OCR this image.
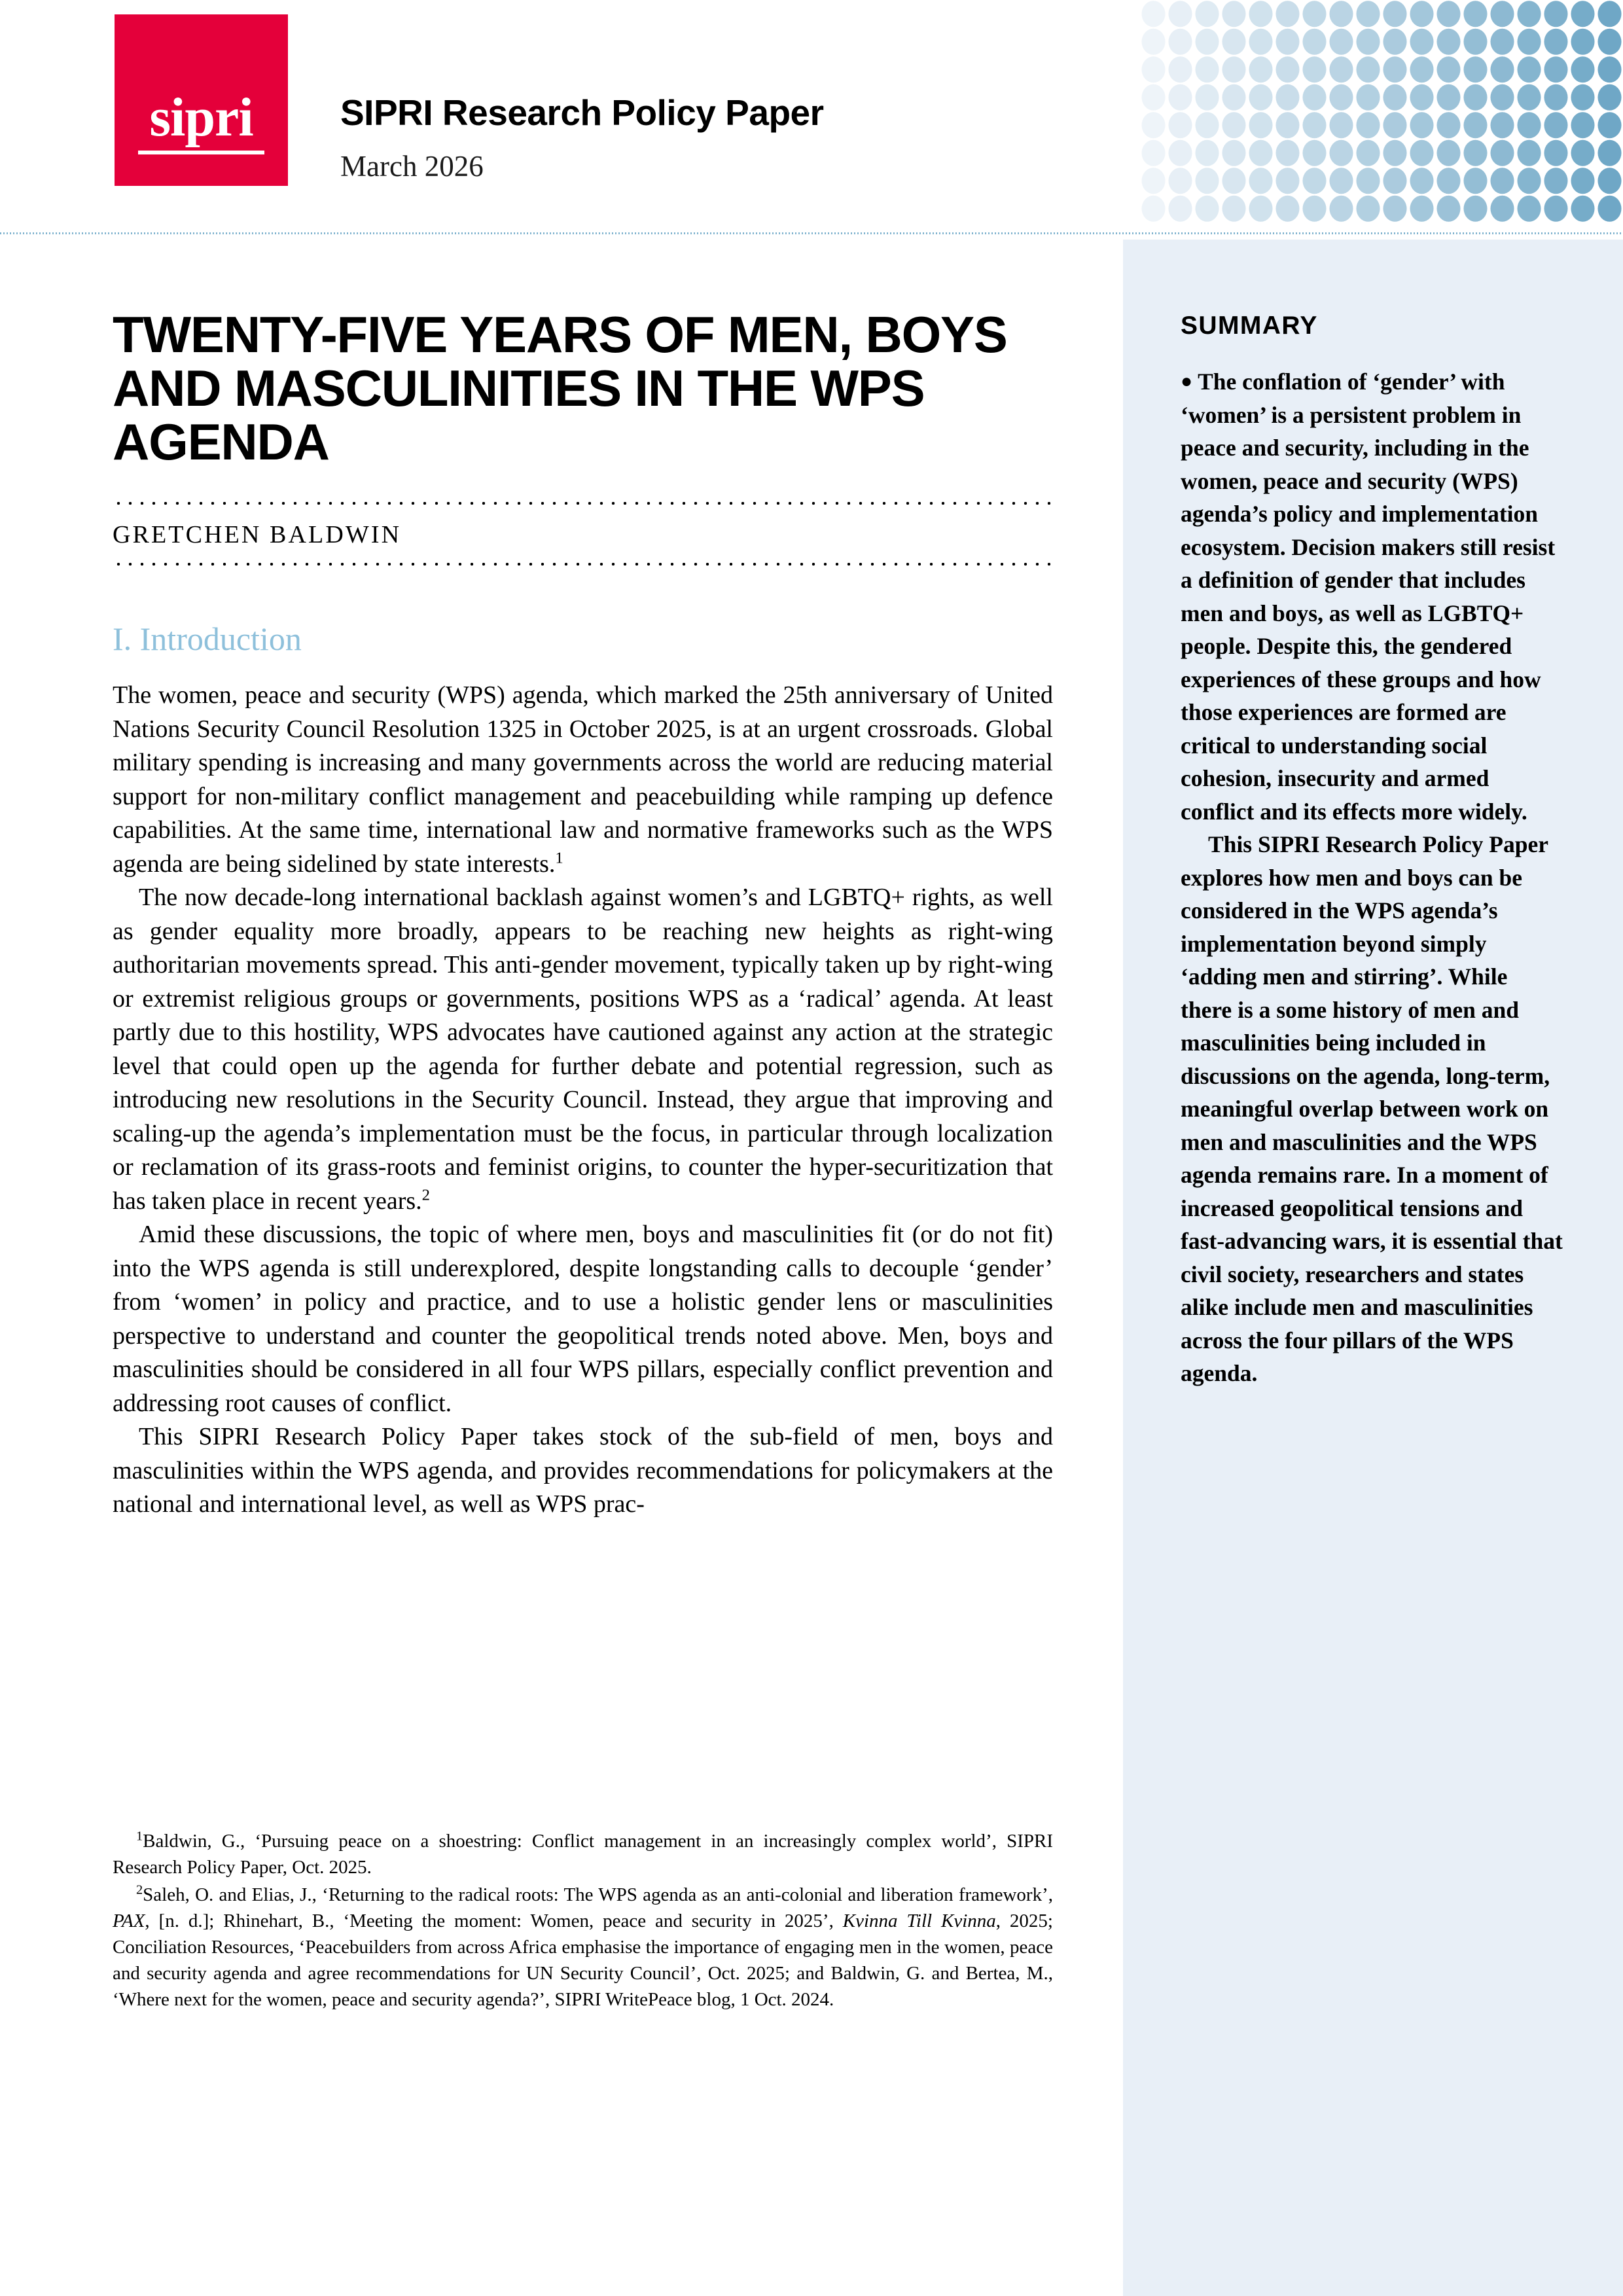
sipri	SIPRI Research Policy Paper
March 2026
SUMMARY

● The conflation of ‘gender’ with ‘women’ is a persistent problem in peace and security, including in the women, peace and security (WPS) agenda’s policy and implementation ecosystem. Decision makers still resist a definition of gender that includes men and boys, as well as LGBTQ+ people. Despite this, the gendered experiences of these groups and how those experiences are formed are critical to understanding social cohesion, insecurity and armed conflict and its effects more widely.

This SIPRI Research Policy Paper explores how men and boys can be considered in the WPS agenda’s implementation beyond simply ‘adding men and stirring’. While there is a some history of men and masculinities being included in discussions on the agenda, long-term, meaningful overlap between work on men and masculinities and the WPS agenda remains rare. In a moment of increased geopolitical tensions and fast-advancing wars, it is essential that civil society, researchers and states alike include men and masculinities across the four pillars of the WPS agenda.

TWENTY-FIVE YEARS OF MEN, BOYS AND MASCULINITIES IN THE WPS AGENDA
GRETCHEN BALDWIN
I. Introduction

The women, peace and security (WPS) agenda, which marked the 25th anniversary of United Nations Security Council Resolution 1325 in October 2025, is at an urgent crossroads. Global military spending is increasing and many governments across the world are reducing material support for non-military conflict management and peacebuilding while ramping up defence capabilities. At the same time, international law and normative frameworks such as the WPS agenda are being sidelined by state interests.$^1$

The now decade-long international backlash against women’s and LGBTQ+ rights, as well as gender equality more broadly, appears to be reaching new heights as right-wing authoritarian movements spread. This anti-gender movement, typically taken up by right-wing or extremist religious groups or governments, positions WPS as a ‘radical’ agenda. At least partly due to this hostility, WPS advocates have cautioned against any action at the strategic level that could open up the agenda for further debate and potential regression, such as introducing new resolutions in the Security Council. Instead, they argue that improving and scaling-up the agenda’s implementation must be the focus, in particular through localization or reclamation of its grass-roots and feminist origins, to counter the hyper-securitization that has taken place in recent years.$^2$

Amid these discussions, the topic of where men, boys and masculinities fit (or do not fit) into the WPS agenda is still underexplored, despite longstanding calls to decouple ‘gender’ from ‘women’ in policy and practice, and to use a holistic gender lens or masculinities perspective to understand and counter the geopolitical trends noted above. Men, boys and masculinities should be considered in all four WPS pillars, especially conflict prevention and addressing root causes of conflict.

This SIPRI Research Policy Paper takes stock of the sub-field of men, boys and masculinities within the WPS agenda, and provides recommendations for policymakers at the national and international level, as well as WPS prac-

$^1$Baldwin, G., ‘Pursuing peace on a shoestring: Conflict management in an increasingly complex world’, SIPRI Research Policy Paper, Oct. 2025.

$^2$Saleh, O. and Elias, J., ‘Returning to the radical roots: The WPS agenda as an anti-colonial and liberation framework’, PAX, [n. d.]; Rhinehart, B., ‘Meeting the moment: Women, peace and security in 2025’, Kvinna Till Kvinna, 2025; Conciliation Resources, ‘Peacebuilders from across Africa emphasise the importance of engaging men in the women, peace and security agenda and agree recommendations for UN Security Council’, Oct. 2025; and Baldwin, G. and Bertea, M., ‘Where next for the women, peace and security agenda?’, SIPRI WritePeace blog, 1 Oct. 2024.
